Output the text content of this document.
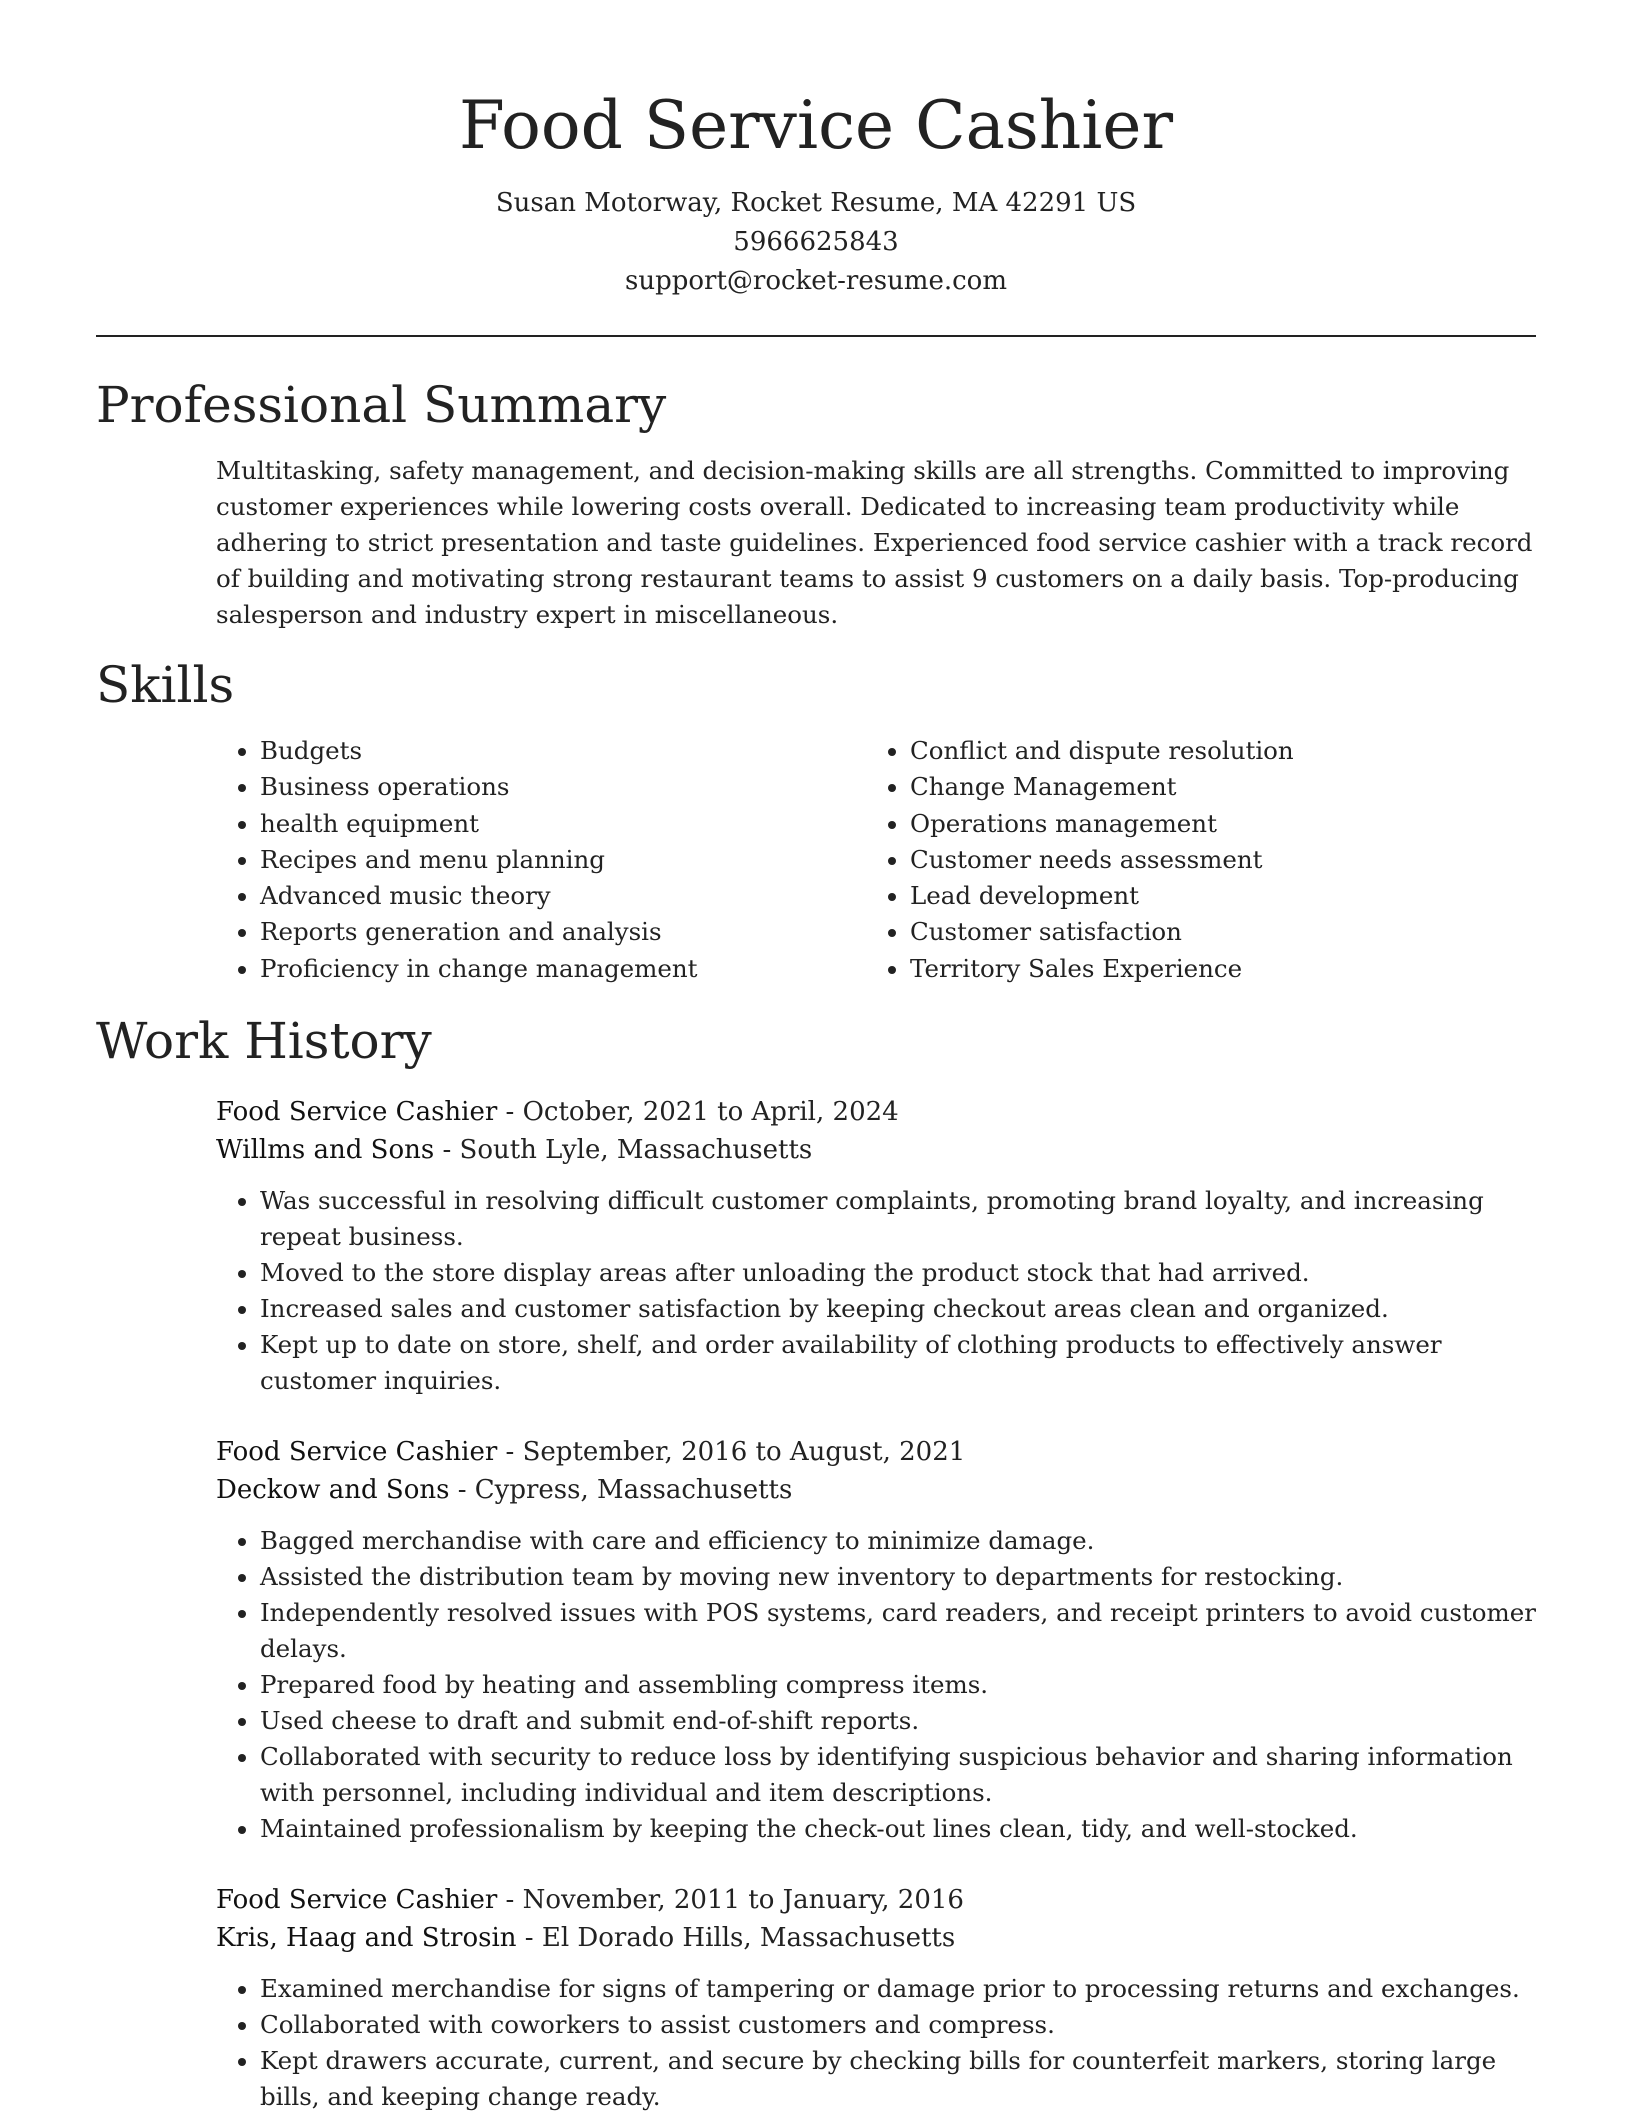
Food Service Cashier
Susan Motorway, Rocket Resume, MA 42291 US
5966625843
support@rocket-resume.com
Professional Summary
Multitasking, safety management, and decision-making skills are all strengths. Committed to improving customer experiences while lowering costs overall. Dedicated to increasing team productivity while adhering to strict presentation and taste guidelines. Experienced food service cashier with a track record of building and motivating strong restaurant teams to assist 9 customers on a daily basis. Top-producing salesperson and industry expert in miscellaneous.
Skills
• Budgets
• Business operations
• health equipment
• Recipes and menu planning
• Advanced music theory
• Reports generation and analysis
• Proficiency in change management
• Conflict and dispute resolution
• Change Management
• Operations management
• Customer needs assessment
• Lead development
• Customer satisfaction
• Territory Sales Experience
Work History
Food Service Cashier - October, 2021 to April, 2024
Willms and Sons - South Lyle, Massachusetts
• Was successful in resolving difficult customer complaints, promoting brand loyalty, and increasing repeat business.
• Moved to the store display areas after unloading the product stock that had arrived.
• Increased sales and customer satisfaction by keeping checkout areas clean and organized.
• Kept up to date on store, shelf, and order availability of clothing products to effectively answer customer inquiries.
Food Service Cashier - September, 2016 to August, 2021
Deckow and Sons - Cypress, Massachusetts
• Bagged merchandise with care and efficiency to minimize damage.
• Assisted the distribution team by moving new inventory to departments for restocking.
• Independently resolved issues with POS systems, card readers, and receipt printers to avoid customer delays.
• Prepared food by heating and assembling compress items.
• Used cheese to draft and submit end-of-shift reports.
• Collaborated with security to reduce loss by identifying suspicious behavior and sharing information with personnel, including individual and item descriptions.
• Maintained professionalism by keeping the check-out lines clean, tidy, and well-stocked.
Food Service Cashier - November, 2011 to January, 2016
Kris, Haag and Strosin - El Dorado Hills, Massachusetts
• Examined merchandise for signs of tampering or damage prior to processing returns and exchanges.
• Collaborated with coworkers to assist customers and compress.
• Kept drawers accurate, current, and secure by checking bills for counterfeit markers, storing large bills, and keeping change ready.
